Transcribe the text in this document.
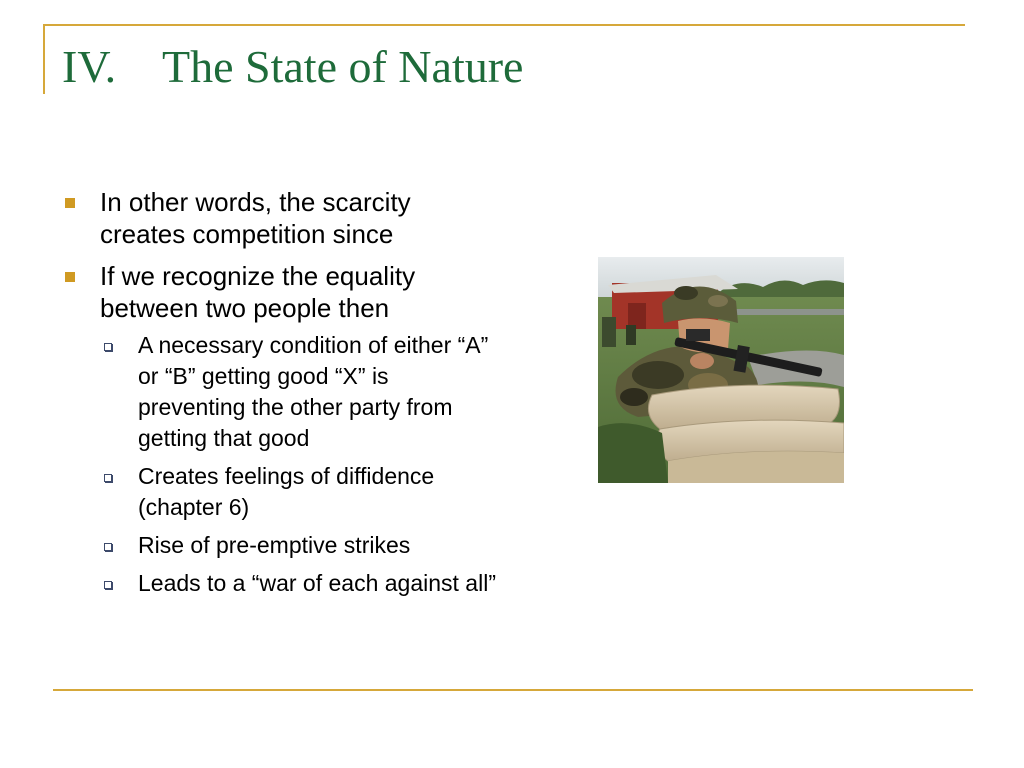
IV. The State of Nature
In other words, the scarcity creates competition since
If we recognize the equality between two people then
A necessary condition of either “A” or “B” getting good “X” is preventing the other party from getting that good
Creates feelings of diffidence (chapter 6)
Rise of pre-emptive strikes
Leads to a “war of each against all”
